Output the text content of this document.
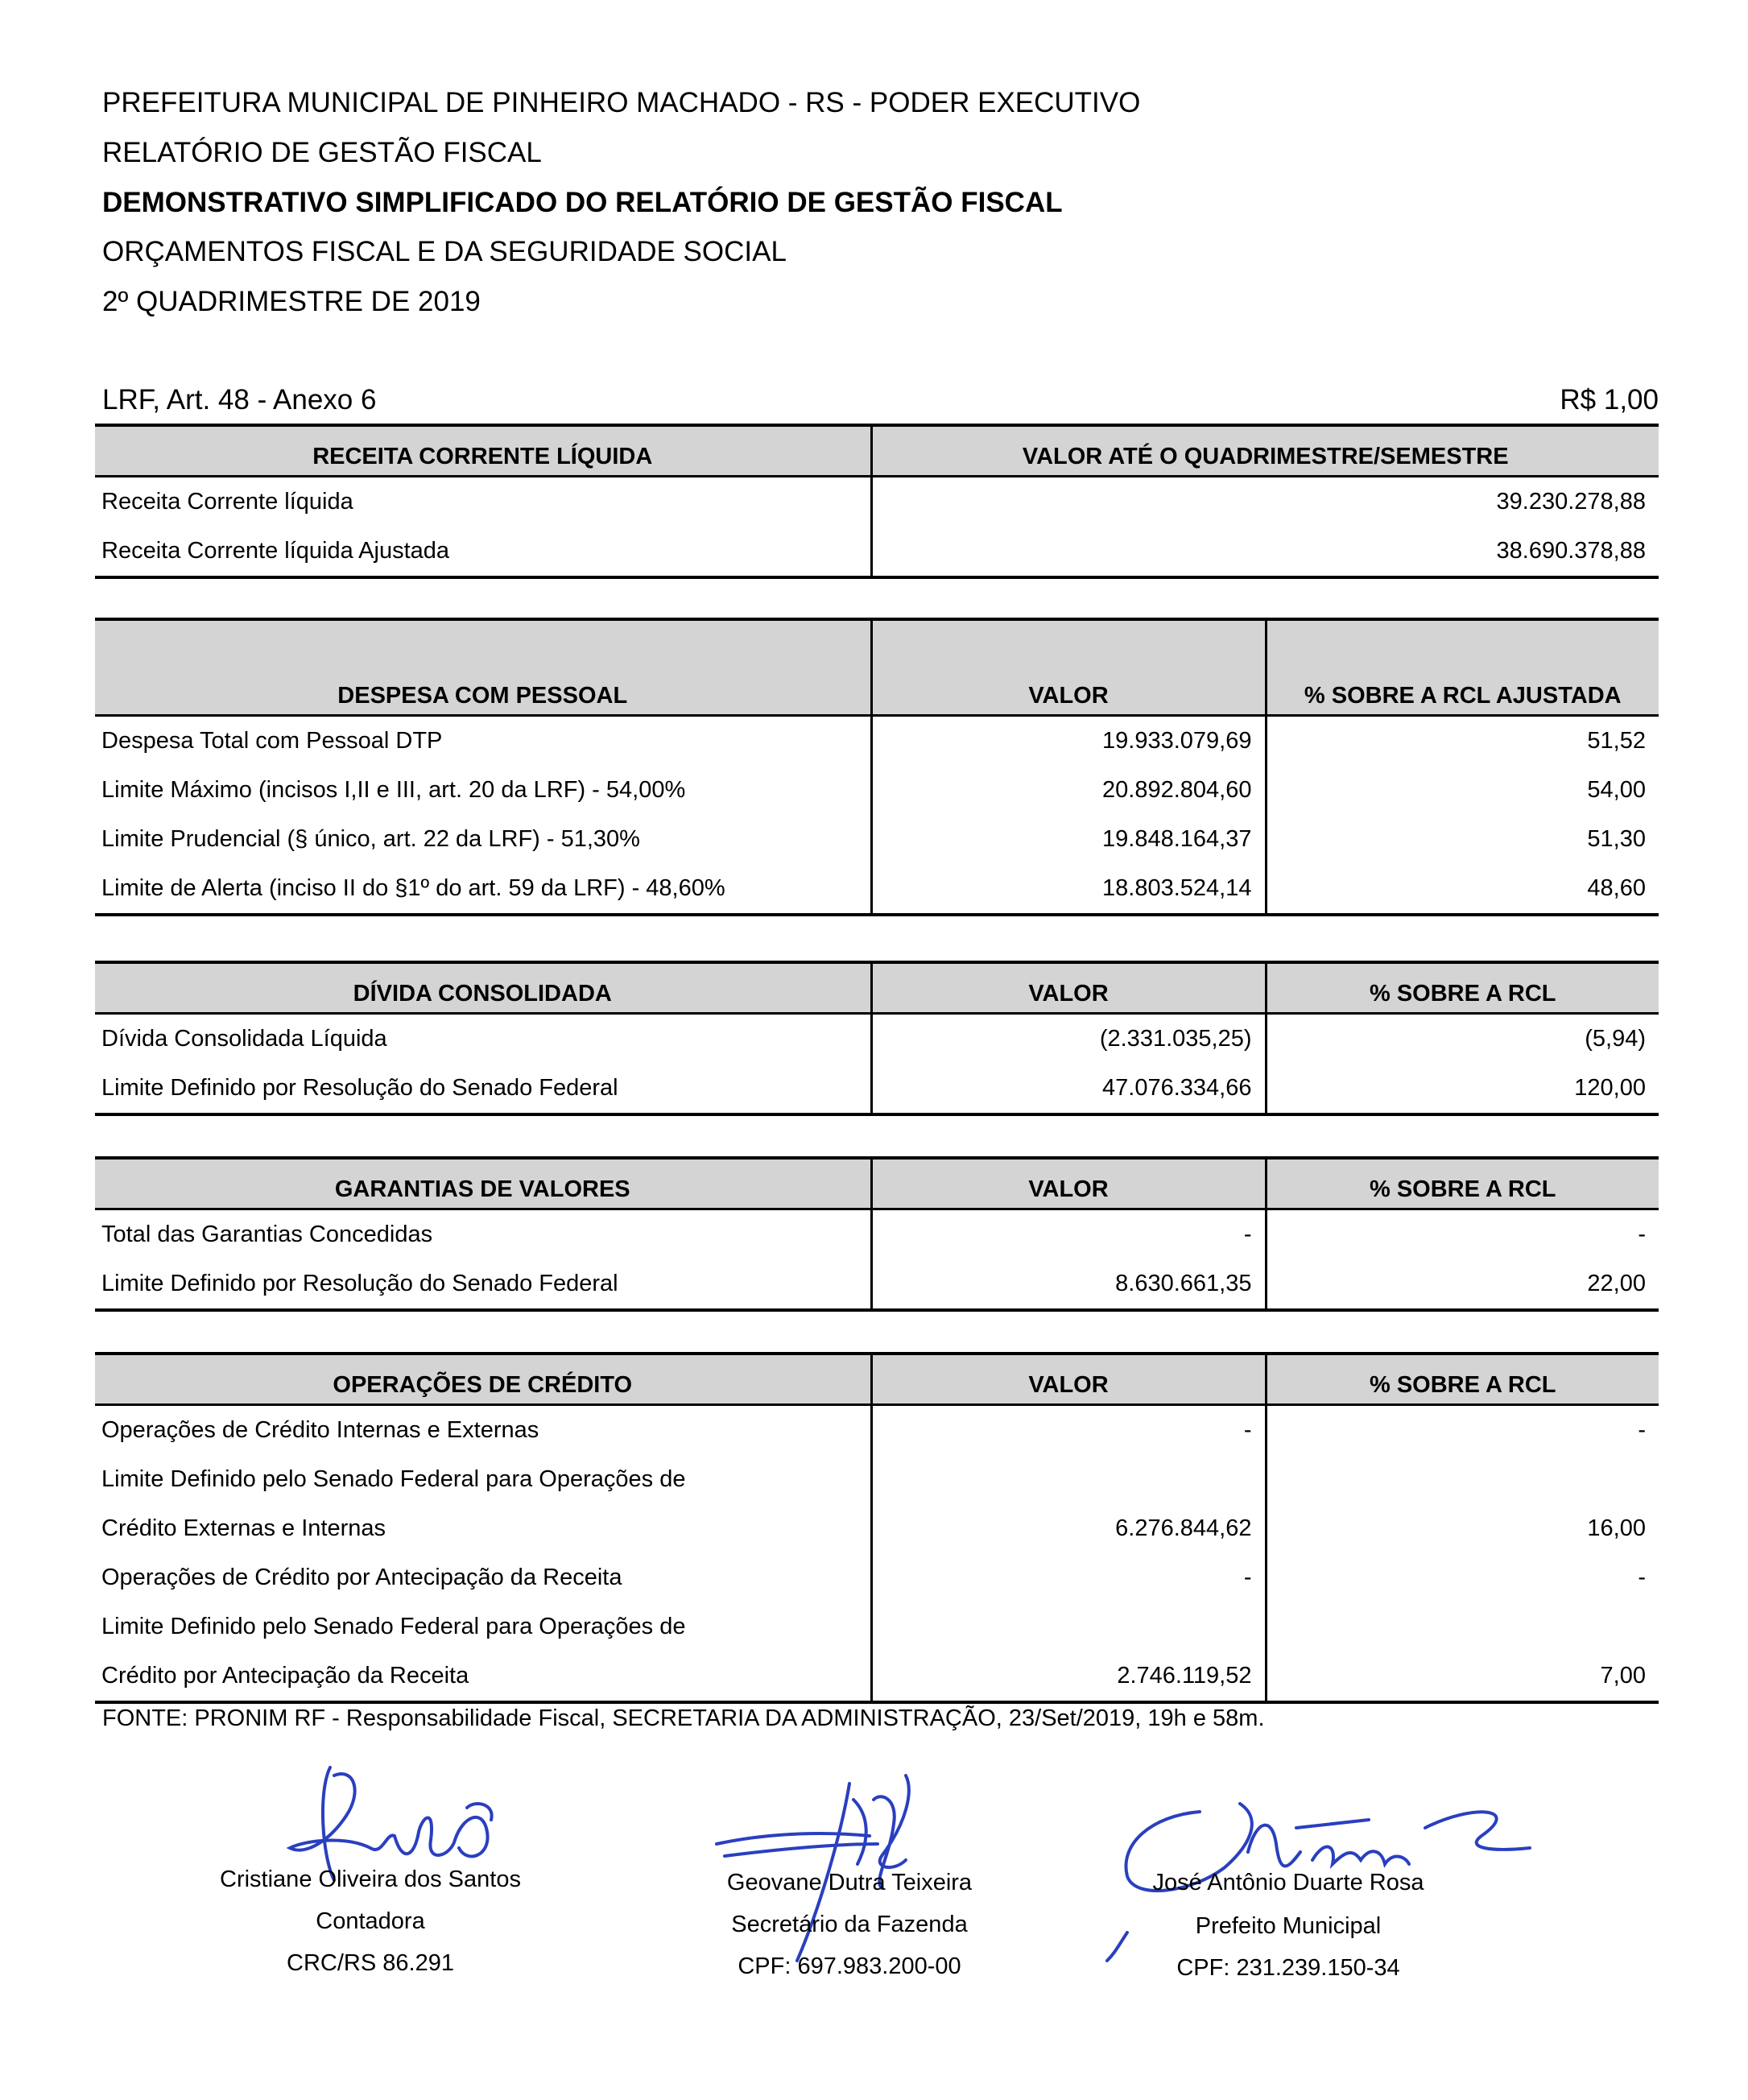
PREFEITURA MUNICIPAL DE PINHEIRO MACHADO - RS - PODER EXECUTIVO
RELATÓRIO DE GESTÃO FISCAL
DEMONSTRATIVO SIMPLIFICADO DO RELATÓRIO DE GESTÃO FISCAL
ORÇAMENTOS FISCAL E DA SEGURIDADE SOCIAL
2º QUADRIMESTRE DE 2019
LRF, Art. 48 - Anexo 6	R$ 1,00
RECEITA CORRENTE LÍQUIDA	VALOR ATÉ O QUADRIMESTRE/SEMESTRE
Receita Corrente líquida	39.230.278,88
Receita Corrente líquida Ajustada	38.690.378,88
DESPESA COM PESSOAL	VALOR	% SOBRE A RCL AJUSTADA
Despesa Total com Pessoal DTP	19.933.079,69	51,52
Limite Máximo (incisos I,II e III, art. 20 da LRF) - 54,00%	20.892.804,60	54,00
Limite Prudencial (§ único, art. 22 da LRF) - 51,30%	19.848.164,37	51,30
Limite de Alerta (inciso II do §1º do art. 59 da LRF) - 48,60%	18.803.524,14	48,60
DÍVIDA CONSOLIDADA	VALOR	% SOBRE A RCL
Dívida Consolidada Líquida	(2.331.035,25)	(5,94)
Limite Definido por Resolução do Senado Federal	47.076.334,66	120,00
GARANTIAS DE VALORES	VALOR	% SOBRE A RCL
Total das Garantias Concedidas	-	-
Limite Definido por Resolução do Senado Federal	8.630.661,35	22,00
OPERAÇÕES DE CRÉDITO	VALOR	% SOBRE A RCL
Operações de Crédito Internas e Externas	-	-
Limite Definido pelo Senado Federal para Operações de		
Crédito Externas e Internas	6.276.844,62	16,00
Operações de Crédito por Antecipação da Receita	-	-
Limite Definido pelo Senado Federal para Operações de		
Crédito por Antecipação da Receita	2.746.119,52	7,00
FONTE: PRONIM RF - Responsabilidade Fiscal, SECRETARIA DA ADMINISTRAÇÃO, 23/Set/2019, 19h e 58m.
Cristiane Oliveira dos Santos
Contadora
CRC/RS 86.291
Geovane Dutra Teixeira
Secretário da Fazenda
CPF: 697.983.200-00
José Antônio Duarte Rosa
Prefeito Municipal
CPF: 231.239.150-34
